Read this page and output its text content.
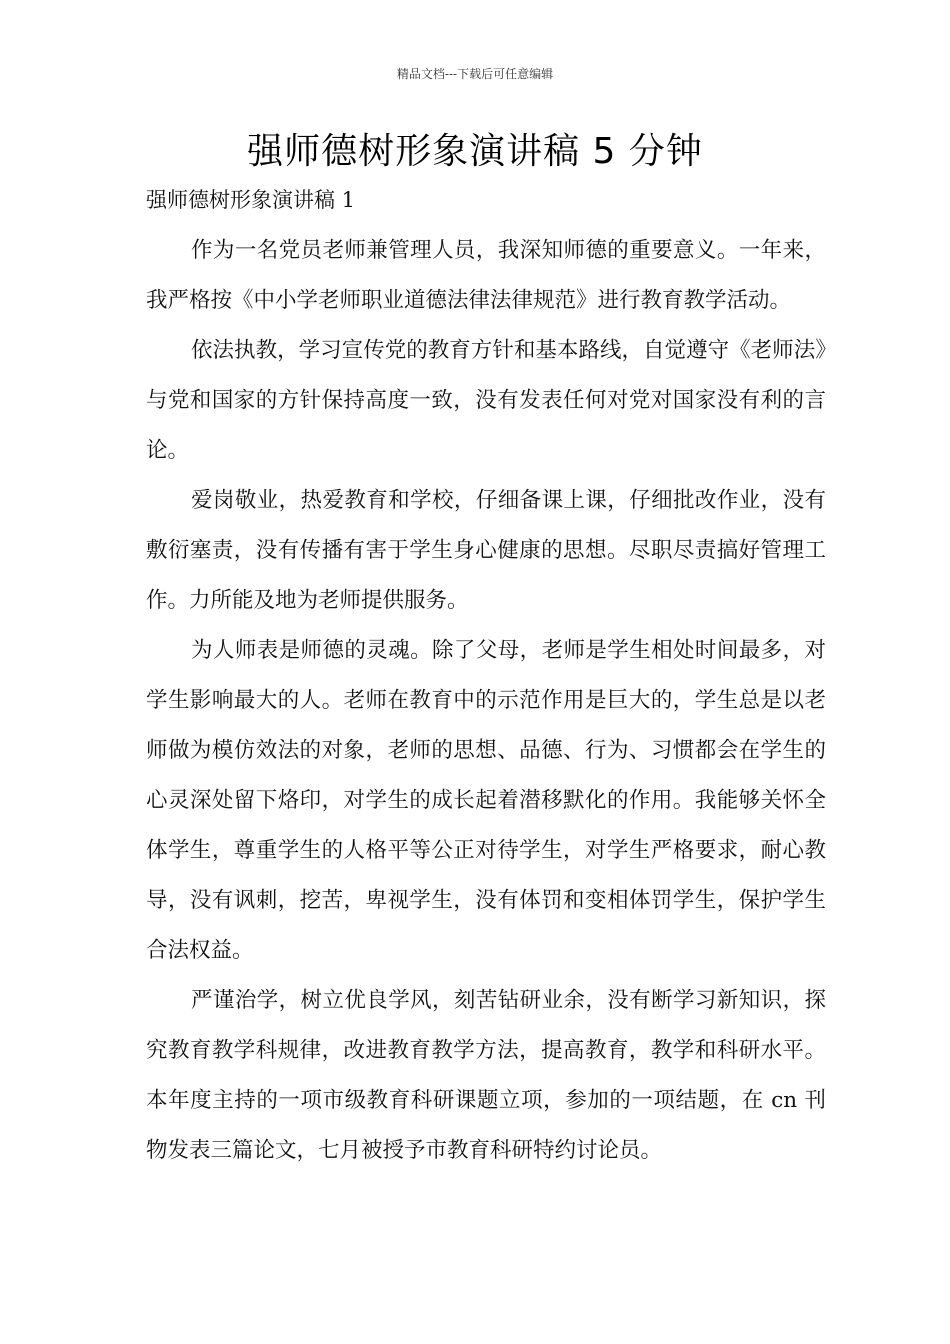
精品文档---下载后可任意编辑
强师德树形象演讲稿 5 分钟

强师德树形象演讲稿 1

作为一名党员老师兼管理人员，我深知师德的重要意义。一年来，我严格按《中小学老师职业道德法律法律规范》进行教育教学活动。

依法执教，学习宣传党的教育方针和基本路线，自觉遵守《老师法》与党和国家的方针保持高度一致，没有发表任何对党对国家没有利的言论。

爱岗敬业，热爱教育和学校，仔细备课上课，仔细批改作业，没有敷衍塞责，没有传播有害于学生身心健康的思想。尽职尽责搞好管理工作。力所能及地为老师提供服务。

为人师表是师德的灵魂。除了父母，老师是学生相处时间最多，对学生影响最大的人。老师在教育中的示范作用是巨大的，学生总是以老师做为模仿效法的对象，老师的思想、品德、行为、习惯都会在学生的心灵深处留下烙印，对学生的成长起着潜移默化的作用。我能够关怀全体学生，尊重学生的人格平等公正对待学生，对学生严格要求，耐心教导，没有讽刺，挖苦，卑视学生，没有体罚和变相体罚学生，保护学生合法权益。

严谨治学，树立优良学风，刻苦钻研业余，没有断学习新知识，探究教育教学科规律，改进教育教学方法，提高教育，教学和科研水平。本年度主持的一项市级教育科研课题立项，参加的一项结题，在 cn 刊物发表三篇论文，七月被授予市教育科研特约讨论员。
